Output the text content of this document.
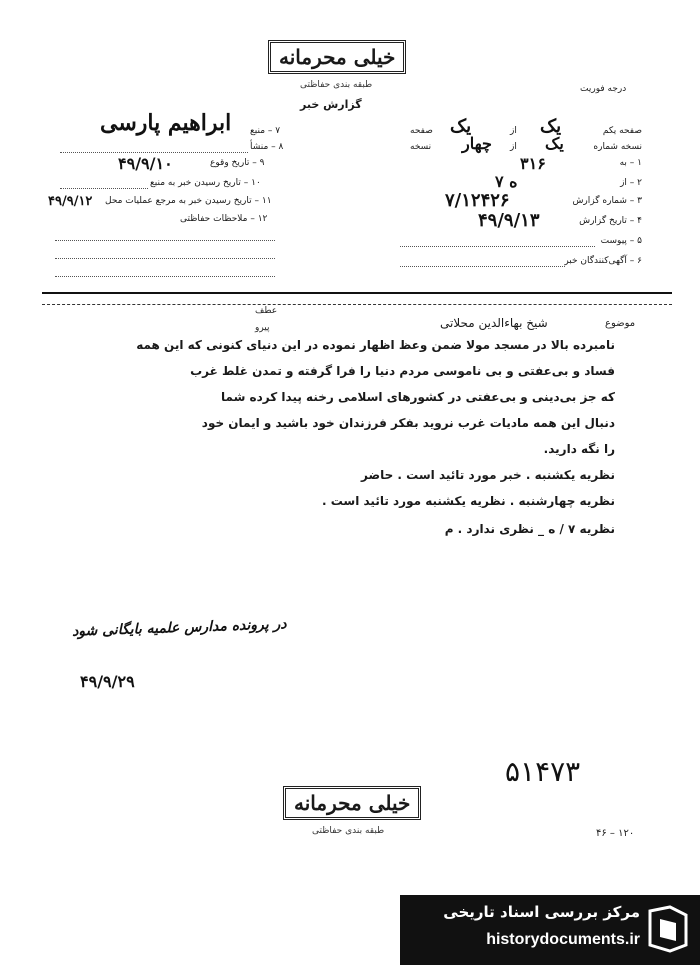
خیلی محرمانه
طبقه بندی حفاظتی	درجه فوریت
گزارش خبر
۷ – منبع
ابراهیم پارسی
۸ – منشأ
۹ – تاریخ وقوع
۴۹/۹/۱۰
۱۰ – تاریخ رسیدن خبر به منبع
۱۱ – تاریخ رسیدن خبر به مرجع عملیات محل
۴۹/۹/۱۲
۱۲ – ملاحظات حفاظتی
صفحه یکم
یک
از
یک
صفحه
نسخه شماره
یک
از
چهار
نسخه
۱ – به
۳۱۶
۲ – از
۷ ه
۳ – شماره گزارش
۷/۱۲۴۲۶
۴ – تاریخ گزارش
۴۹/۹/۱۳
۵ – پیوست
۶ – آگهی‌کنندگان خبر
موضوع
شیخ بهاء‌الدین محلاتی
عطف
پیرو
نامبرده بالا در مسجد مولا ضمن وعظ اظهار نموده در این دنیای کنونی که این همه
فساد و بی‌عفتی و بی ناموسی مردم دنیا را فرا گرفته و تمدن غلط غرب
که جز بی‌دینی و بی‌عفتی در کشورهای اسلامی رخنه پیدا کرده شما
دنبال این همه مادیات غرب نروید بفکر فرزندان خود باشید و ایمان خود
را نگه دارید.
نظریه یکشنبه . خبر مورد تائید است . حاضر
نظریه چهارشنبه . نظریه یکشنبه مورد تائید است .
نظریه ۷ / ه _ نظری ندارد . م
در پرونده مدارس علمیه بایگانی شود
۴۹/۹/۲۹
۵۱۴۷۳
خیلی محرمانه
طبقه بندی حفاظتی	۱۲۰ – ۴۶
مرکز بررسی اسناد تاریخی
historydocuments.ir
